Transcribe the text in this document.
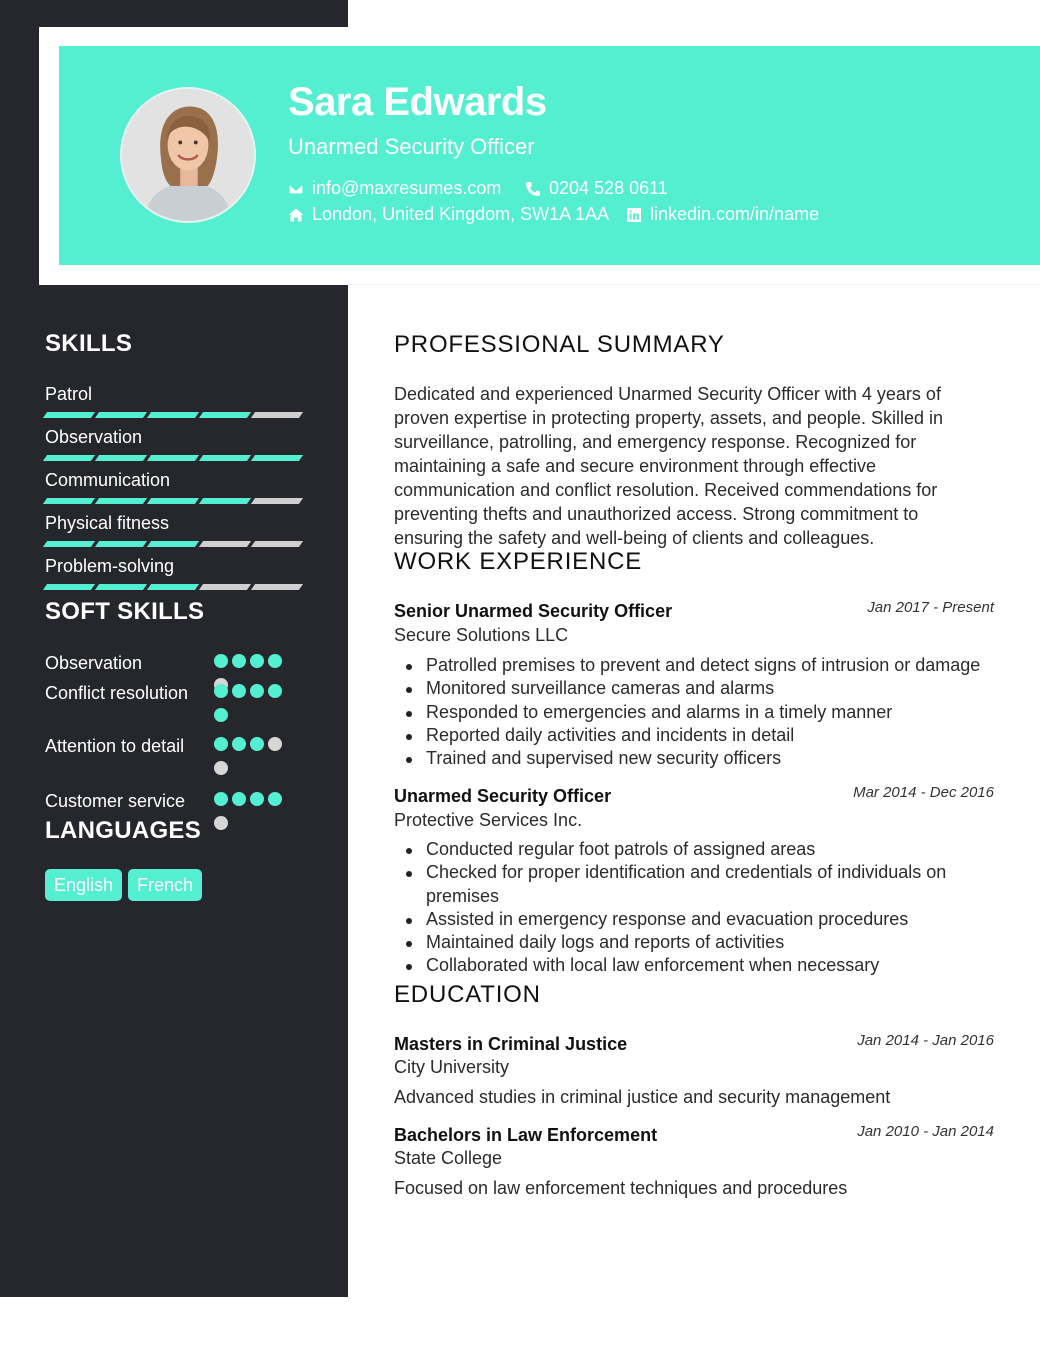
Sara Edwards
Unarmed Security Officer
info@maxresumes.com	0204 528 0611
London, United Kingdom, SW1A 1AA linkedin.com/in/name
SKILLS
Patrol
Observation
Communication
Physical fitness
Problem-solving
SOFT SKILLS
Observation
Conflict resolution
Attention to detail
Customer service
LANGUAGES
English	French
PROFESSIONAL SUMMARY
Dedicated and experienced Unarmed Security Officer with 4 years of proven expertise in protecting property, assets, and people. Skilled in surveillance, patrolling, and emergency response. Recognized for maintaining a safe and secure environment through effective communication and conflict resolution. Received commendations for preventing thefts and unauthorized access. Strong commitment to ensuring the safety and well-being of clients and colleagues.
WORK EXPERIENCE
Senior Unarmed Security Officer	Jan 2017 - Present
Secure Solutions LLC
Patrolled premises to prevent and detect signs of intrusion or damage
Monitored surveillance cameras and alarms
Responded to emergencies and alarms in a timely manner
Reported daily activities and incidents in detail
Trained and supervised new security officers
Unarmed Security Officer	Mar 2014 - Dec 2016
Protective Services Inc.
Conducted regular foot patrols of assigned areas
Checked for proper identification and credentials of individuals on premises
Assisted in emergency response and evacuation procedures
Maintained daily logs and reports of activities
Collaborated with local law enforcement when necessary
EDUCATION
Masters in Criminal Justice	Jan 2014 - Jan 2016
City University
Advanced studies in criminal justice and security management
Bachelors in Law Enforcement	Jan 2010 - Jan 2014
State College
Focused on law enforcement techniques and procedures
